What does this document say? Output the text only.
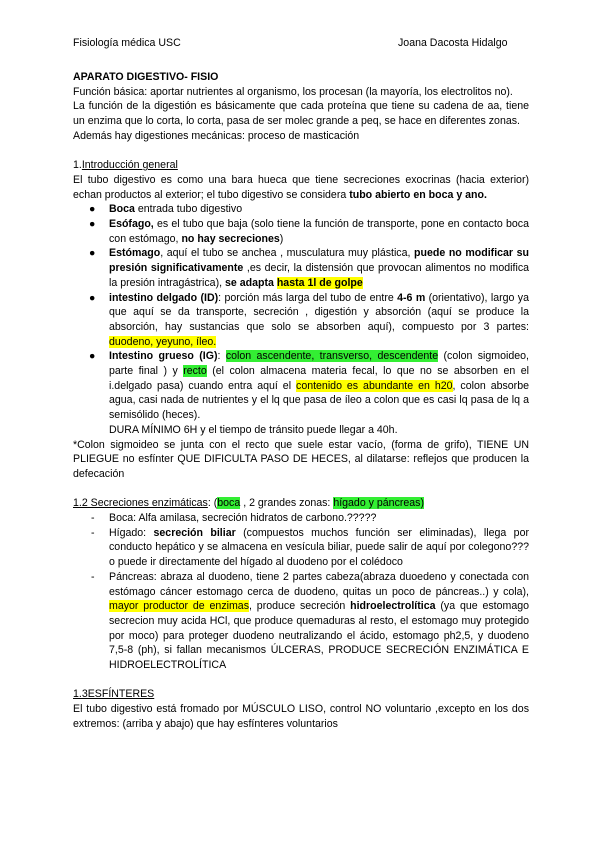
Fisiología médica USC	Joana Dacosta Hidalgo

APARATO DIGESTIVO- FISIO

Función básica: aportar nutrientes al organismo, los procesan (la mayoría, los electrolitos no).

La función de la digestión es básicamente que cada proteína que tiene su cadena de aa, tiene un enzima que lo corta, lo corta, pasa de ser molec grande a peq, se hace en diferentes zonas.

Además hay digestiones mecánicas: proceso de masticación

1.Introducción general

El tubo digestivo es como una bara hueca que tiene secreciones exocrinas (hacia exterior) echan productos al exterior; el tubo digestivo se considera tubo abierto en boca y ano.

● Boca entrada tubo digestivo
● Esófago, es el tubo que baja (solo tiene la función de transporte, pone en contacto boca con estómago, no hay secreciones)
● Estómago, aquí el tubo se anchea , musculatura muy plástica, puede no modificar su presión significativamente ,es decir, la distensión que provocan alimentos no modifica la presión intragástrica), se adapta hasta 1l de golpe
● intestino delgado (ID): porción más larga del tubo de entre 4-6 m (orientativo), largo ya que aquí se da transporte, secreción , digestión y absorción (aquí se produce la absorción, hay sustancias que solo se absorben aquí), compuesto por 3 partes: duodeno, yeyuno, íleo.
● Intestino grueso (IG): colon ascendente, transverso, descendente (colon sigmoideo, parte final ) y recto (el colon almacena materia fecal, lo que no se absorben en el i.delgado pasa) cuando entra aquí el contenido es abundante en h20, colon absorbe agua, casi nada de nutrientes y el lq que pasa de íleo a colon que es casi lq pasa de lq a semisólido (heces).

DURA MÍNIMO 6H y el tiempo de tránsito puede llegar a 40h.

*Colon sigmoideo se junta con el recto que suele estar vacío, (forma de grifo), TIENE UN PLIEGUE no esfínter QUE DIFICULTA PASO DE HECES, al dilatarse: reflejos que producen la defecación

1.2 Secreciones enzimáticas: (boca , 2 grandes zonas: hígado y páncreas)

- Boca: Alfa amilasa, secreción hidratos de carbono.?????
- Hígado: secreción biliar (compuestos muchos función ser eliminadas), llega por conducto hepático y se almacena en vesícula biliar, puede salir de aquí por colegono??? o puede ir directamente del hígado al duodeno por el colédoco
- Páncreas: abraza al duodeno, tiene 2 partes cabeza(abraza duoedeno y conectada con estómago cáncer estomago cerca de duodeno, quitas un poco de páncreas..) y cola), mayor productor de enzimas, produce secreción hidroelectrolítica (ya que estomago secrecion muy acida HCl, que produce quemaduras al resto, el estomago muy protegido por moco) para proteger duodeno neutralizando el ácido, estomago ph2,5, y duodeno 7,5-8 (ph), si fallan mecanismos ÚLCERAS, PRODUCE SECRECIÓN ENZIMÁTICA E HIDROELECTROLÍTICA

1.3ESFÍNTERES

El tubo digestivo está fromado por MÚSCULO LISO, control NO voluntario ,excepto en los dos extremos: (arriba y abajo) que hay esfínteres voluntarios
